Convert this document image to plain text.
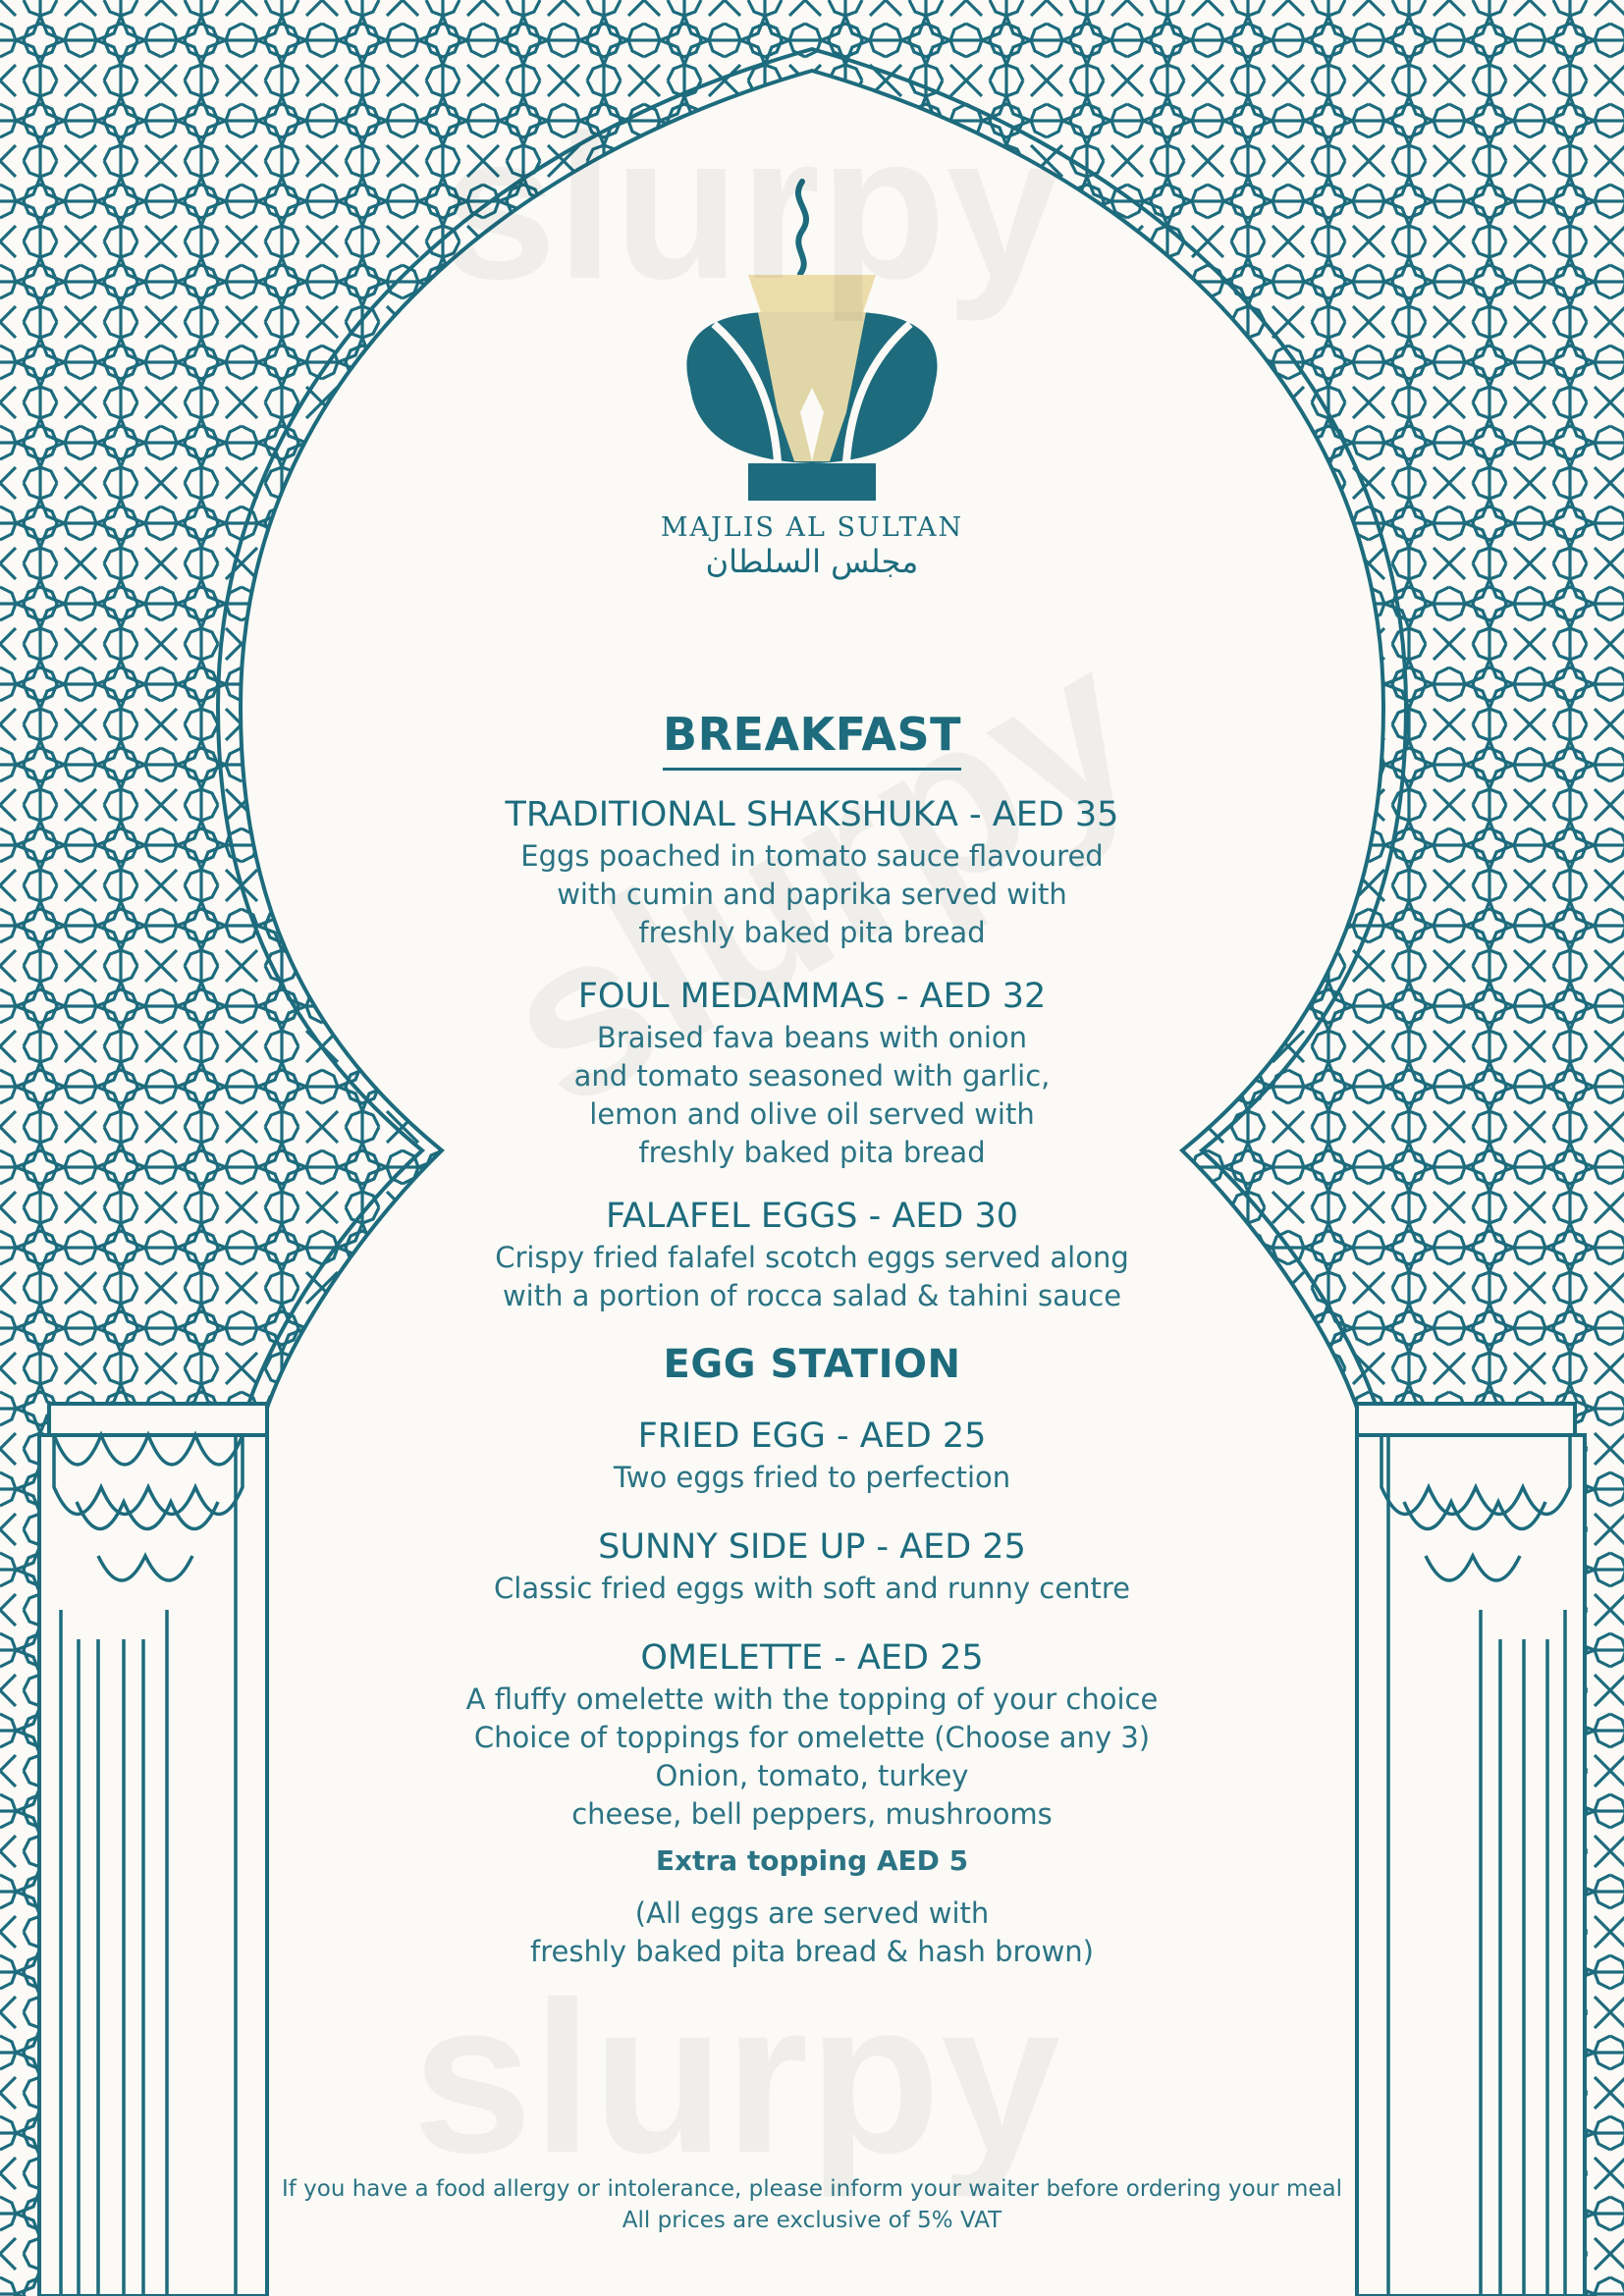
MAJLIS AL SULTAN
مجلس السلطان
BREAKFAST
TRADITIONAL SHAKSHUKA - AED 35
Eggs poached in tomato sauce flavoured
with cumin and paprika served with
freshly baked pita bread
FOUL MEDAMMAS - AED 32
Braised fava beans with onion
and tomato seasoned with garlic,
lemon and olive oil served with
freshly baked pita bread
FALAFEL EGGS - AED 30
Crispy fried falafel scotch eggs served along
with a portion of rocca salad & tahini sauce
EGG STATION
FRIED EGG - AED 25
Two eggs fried to perfection
SUNNY SIDE UP - AED 25
Classic fried eggs with soft and runny centre
OMELETTE - AED 25
A fluffy omelette with the topping of your choice
Choice of toppings for omelette (Choose any 3)
Onion, tomato, turkey
cheese, bell peppers, mushrooms
Extra topping AED 5
(All eggs are served with
freshly baked pita bread & hash brown)
If you have a food allergy or intolerance, please inform your waiter before ordering your meal
All prices are exclusive of 5% VAT
